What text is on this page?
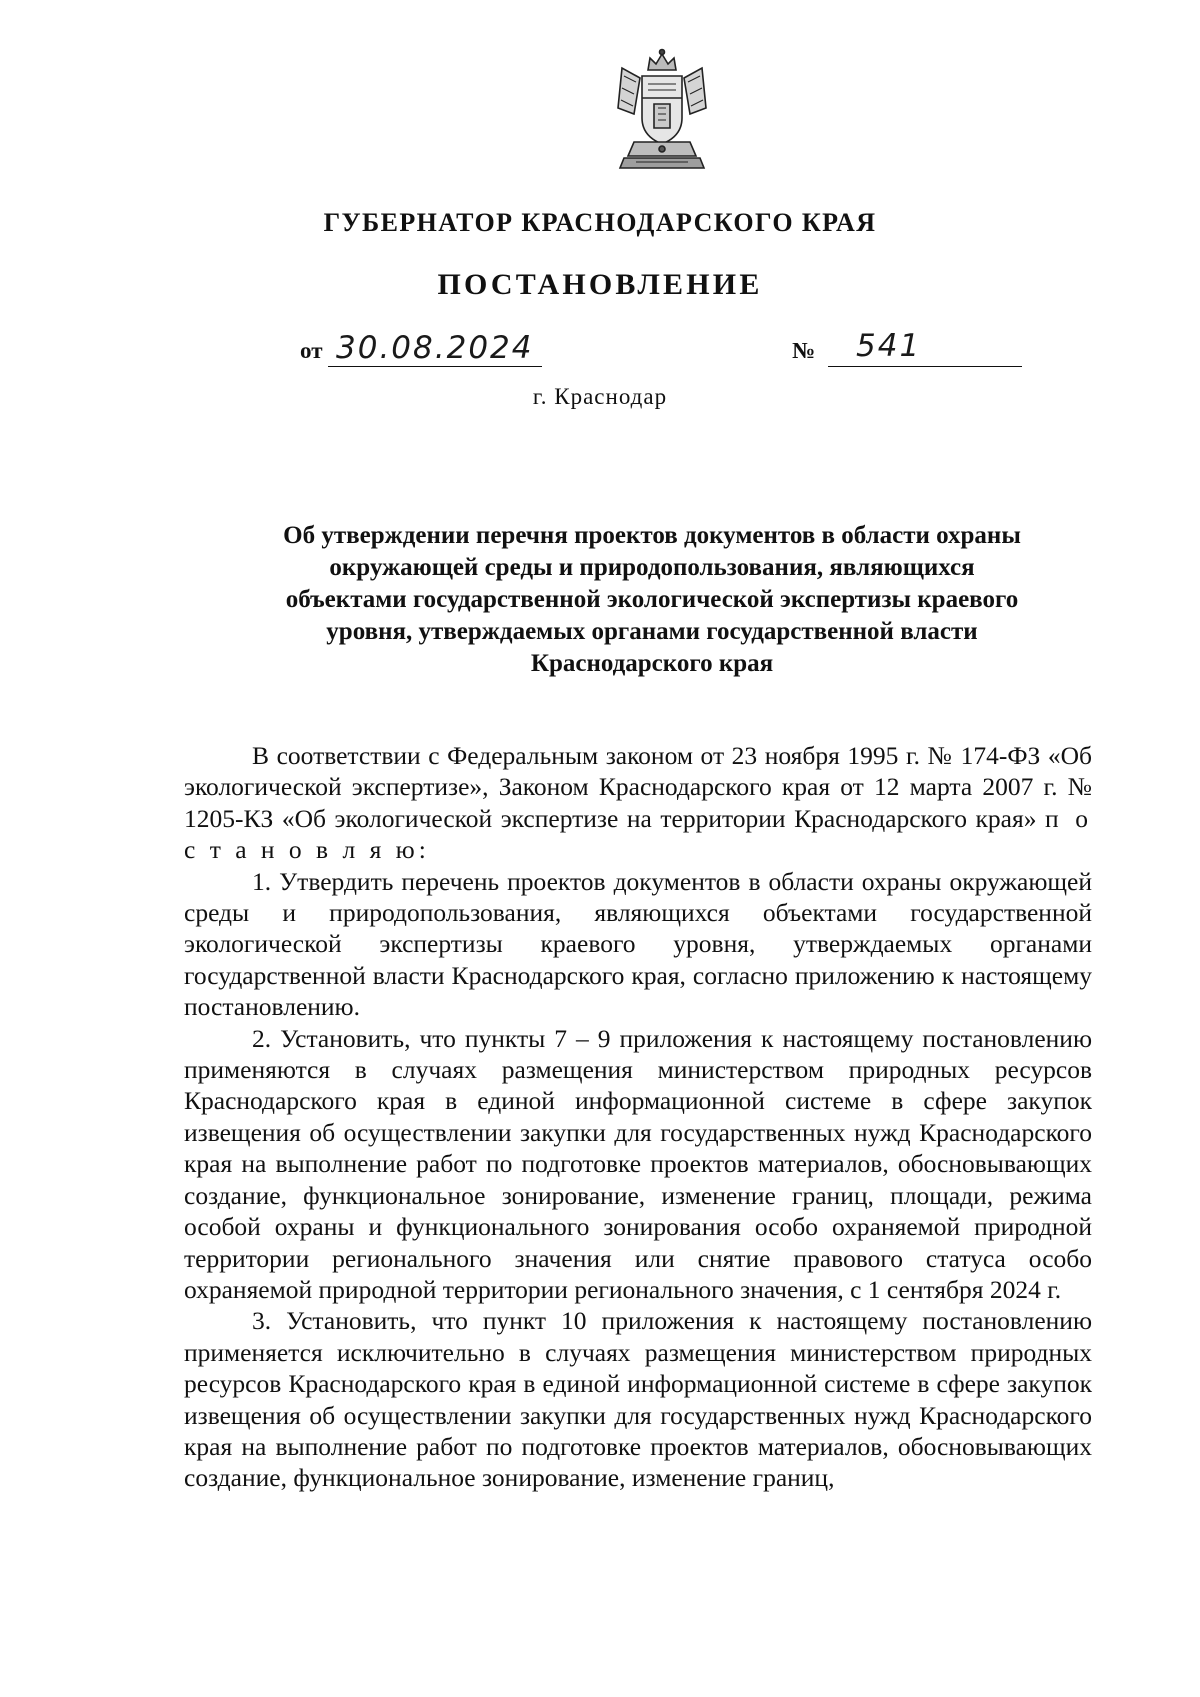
ГУБЕРНАТОР КРАСНОДАРСКОГО КРАЯ
ПОСТАНОВЛЕНИЕ
от 30.08.2024	№ 541
г. Краснодар
Об утверждении перечня проектов документов в области охраны окружающей среды и природопользования, являющихся объектами государственной экологической экспертизы краевого уровня, утверждаемых органами государственной власти Краснодарского края

В соответствии с Федеральным законом от 23 ноября 1995 г. № 174-ФЗ «Об экологической экспертизе», Законом Краснодарского края от 12 марта 2007 г. № 1205-КЗ «Об экологической экспертизе на территории Краснодарского края» п о с т а н о в л я ю:

1. Утвердить перечень проектов документов в области охраны окружающей среды и природопользования, являющихся объектами государственной экологической экспертизы краевого уровня, утверждаемых органами государственной власти Краснодарского края, согласно приложению к настоящему постановлению.

2. Установить, что пункты 7 – 9 приложения к настоящему постановлению применяются в случаях размещения министерством природных ресурсов Краснодарского края в единой информационной системе в сфере закупок извещения об осуществлении закупки для государственных нужд Краснодарского края на выполнение работ по подготовке проектов материалов, обосновывающих создание, функциональное зонирование, изменение границ, площади, режима особой охраны и функционального зонирования особо охраняемой природной территории регионального значения или снятие правового статуса особо охраняемой природной территории регионального значения, с 1 сентября 2024 г.

3. Установить, что пункт 10 приложения к настоящему постановлению применяется исключительно в случаях размещения министерством природных ресурсов Краснодарского края в единой информационной системе в сфере закупок извещения об осуществлении закупки для государственных нужд Краснодарского края на выполнение работ по подготовке проектов материалов, обосновывающих создание, функциональное зонирование, изменение границ,
